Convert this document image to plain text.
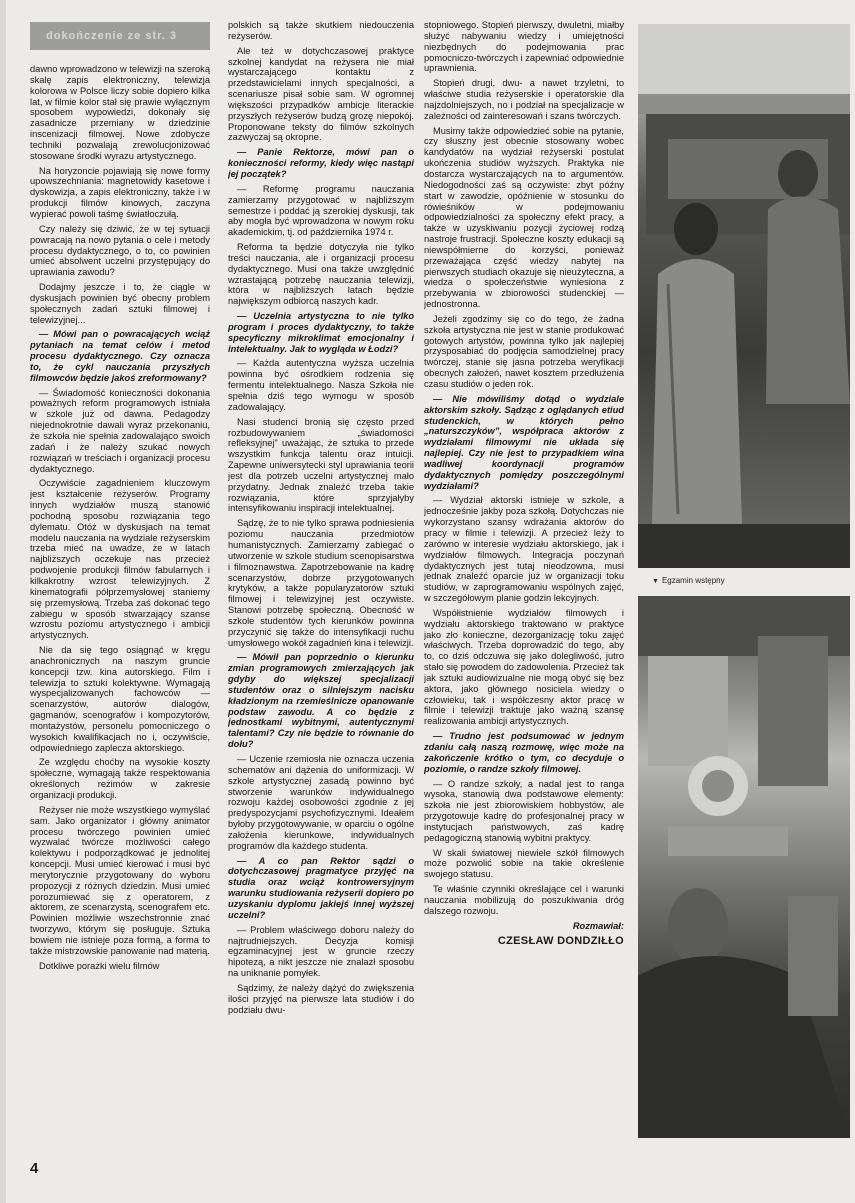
dokończenie ze str. 3

dawno wprowadzono w telewizji na szeroką skalę zapis elektroniczny, telewizja kolorowa w Polsce liczy sobie dopiero kilka lat, w filmie kolor stał się prawie wyłącznym sposobem wypowiedzi, dokonały się zasadnicze przemiany w dziedzinie inscenizacji filmowej. Nowe zdobycze techniki pozwalają zrewolucjonizować stosowane środki wyrazu artystycznego.

Na horyzoncie pojawiają się nowe formy upowszechniania: magnetowidy kasetowe i dyskowizja, a zapis elektroniczny, także i w produkcji filmów kinowych, zaczyna wypierać powoli taśmę światłoczułą.

Czy należy się dziwić, że w tej sytuacji powracają na nowo pytania o cele i metody procesu dydaktycznego, o to, co powinien umieć absolwent uczelni przystępujący do uprawiania zawodu?

Dodajmy jeszcze i to, że ciągle w dyskusjach powinien być obecny problem społecznych zadań sztuki filmowej i telewizyjnej...

— Mówi pan o powracających wciąż pytaniach na temat celów i metod procesu dydaktycznego. Czy oznacza to, że cykl nauczania przyszłych filmowców będzie jakoś zreformowany?

— Świadomość konieczności dokonania poważnych reform programowych istniała w szkole już od dawna. Pedagodzy niejednokrotnie dawali wyraz przekonaniu, że szkoła nie spełnia zadowalająco swoich zadań i że należy szukać nowych rozwiązań w treściach i organizacji procesu dydaktycznego.

Oczywiście zagadnieniem kluczowym jest kształcenie reżyserów. Programy innych wydziałów muszą stanowić pochodną sposobu rozwiązania tego dylematu. Otóż w dyskusjach na temat modelu nauczania na wydziale reżyserskim trzeba mieć na uwadze, że w latach najbliższych oczekuje nas przecież podwojenie produkcji filmów fabularnych i kilkakrotny wzrost telewizyjnych. Z kinematografii półprzemysłowej staniemy się przemysłową. Trzeba zaś dokonać tego zabiegu w sposób stwarzający szanse wzrostu poziomu artystycznego i ambicji artystycznych.

Nie da się tego osiągnąć w kręgu anachronicznych na naszym gruncie koncepcji tzw. kina autorskiego. Film i telewizja to sztuki kolektywne. Wymagają wyspecjalizowanych fachowców — scenarzystów, autorów dialogów, gagmanów, scenografów i kompozytorów, montażystów, personelu pomocniczego o wysokich kwalifikacjach no i, oczywiście, odpowiedniego zaplecza aktorskiego.

Ze względu choćby na wysokie koszty społeczne, wymagają także respektowania określonych reżimów w zakresie organizacji produkcji.

Reżyser nie może wszystkiego wymyślać sam. Jako organizator i główny animator procesu twórczego powinien umieć wyzwalać twórcze możliwości całego kolektywu i podporządkować je jednolitej koncepcji. Musi umieć kierować i musi być merytorycznie przygotowany do wyboru propozycji z różnych dziedzin. Musi umieć porozumiewać się z operatorem, z aktorem, ze scenarzystą, scenografem etc. Powinien możliwie wszechstronnie znać tworzywo, którym się posługuje. Sztuka bowiem nie istnieje poza formą, a forma to także mistrzowskie panowanie nad materią.

Dotkliwe porażki wielu filmów

polskich są także skutkiem niedouczenia reżyserów.

Ale też w dotychczasowej praktyce szkolnej kandydat na reżysera nie miał wystarczającego kontaktu z przedstawicielami innych specjalności, a scenariusze pisał sobie sam. W ogromnej większości przypadków ambicje literackie przyszłych reżyserów budzą grozę niepokój. Proponowane teksty do filmów szkolnych zazwyczaj są okropne.

— Panie Rektorze, mówi pan o konieczności reformy, kiedy więc nastąpi jej początek?

— Reformę programu nauczania zamierzamy przygotować w najbliższym semestrze i poddać ją szerokiej dyskusji, tak aby mogła być wprowadzona w nowym roku akademickim, tj. od października 1974 r.

Reforma ta będzie dotyczyła nie tylko treści nauczania, ale i organizacji procesu dydaktycznego. Musi ona także uwzględnić wzrastającą potrzebę nauczania telewizji, która w najbliższych latach będzie największym odbiorcą naszych kadr.

— Uczelnia artystyczna to nie tylko program i proces dydaktyczny, to także specyficzny mikroklimat emocjonalny i intelektualny. Jak to wygląda w Łodzi?

— Każda autentyczna wyższa uczelnia powinna być ośrodkiem rodzenia się fermentu intelektualnego. Nasza Szkoła nie spełnia dziś tego wymogu w sposób zadowalający.

Nasi studenci bronią się często przed rozbudowywaniem „świadomości refleksyjnej” uważając, że sztuka to przede wszystkim funkcja talentu oraz intuicji. Zapewne uniwersytecki styl uprawiania teorii jest dla potrzeb uczelni artystycznej mało przydatny. Jednak znaleźć trzeba takie rozwiązania, które sprzyjałyby intensyfikowaniu inspiracji intelektualnej.

Sądzę, że to nie tylko sprawa podniesienia poziomu nauczania przedmiotów humanistycznych. Zamierzamy zabiegać o utworzenie w szkole studium scenopisarstwa i filmoznawstwa. Zapotrzebowanie na kadrę scenarzystów, dobrze przygotowanych krytyków, a także popularyzatorów sztuki filmowej i telewizyjnej jest oczywiste. Stanowi potrzebę społeczną. Obecność w szkole studentów tych kierunków powinna przyczynić się także do intensyfikacji ruchu umysłowego wokół zagadnień kina i telewizji.

— Mówił pan poprzednio o kierunku zmian programowych zmierzających jak gdyby do większej specjalizacji studentów oraz o silniejszym nacisku kładzionym na rzemieślnicze opanowanie podstaw zawodu. A co będzie z jednostkami wybitnymi, autentycznymi talentami? Czy nie będzie to równanie do dołu?

— Uczenie rzemiosła nie oznacza uczenia schematów ani dążenia do uniformizacji. W szkole artystycznej zasadą powinno być stworzenie warunków indywidualnego rozwoju każdej osobowości zgodnie z jej predyspozycjami psychofizycznymi. Ideałem byłoby przygotowywanie, w oparciu o ogólne założenia kierunkowe, indywidualnych programów dla każdego studenta.

— A co pan Rektor sądzi o dotychczasowej pragmatyce przyjęć na studia oraz wciąż kontrowersyjnym warunku studiowania reżyserii dopiero po uzyskaniu dyplomu jakiejś innej wyższej uczelni?

— Problem właściwego doboru należy do najtrudniejszych. Decyzja komisji egzaminacyjnej jest w gruncie rzeczy hipotezą, a nikt jeszcze nie znalazł sposobu na uniknanie pomyłek.

Sądzimy, że należy dążyć do zwiększenia ilości przyjęć na pierwsze lata studiów i do podziału dwu-

stopniowego. Stopień pierwszy, dwuletni, miałby służyć nabywaniu wiedzy i umiejętności niezbędnych do podejmowania prac pomocniczo-twórczych i zapewniać odpowiednie uprawnienia.

Stopień drugi, dwu- a nawet trzyletni, to właściwe studia reżyserskie i operatorskie dla najzdolniejszych, no i podział na specjalizacje w zależności od zainteresowań i szans twórczych.

Musimy także odpowiedzieć sobie na pytanie, czy słuszny jest obecnie stosowany wobec kandydatów na wydział reżyserski postulat ukończenia studiów wyższych. Praktyka nie dostarcza wystarczających na to argumentów. Niedogodności zaś są oczywiste: zbyt późny start w zawodzie, opóźnienie w stosunku do rówieśników w podejmowaniu odpowiedzialności za społeczny efekt pracy, a także w uzyskiwaniu pozycji życiowej rodzą nastroje frustracji. Społeczne koszty edukacji są niewspółmierne do korzyści, ponieważ przeważająca część wiedzy nabytej na pierwszych studiach okazuje się nieużyteczna, a wiedza o społeczeństwie wyniesiona z przebywania w zbiorowości studenckiej — jednostronna.

Jeżeli zgodzimy się co do tego, że żadna szkoła artystyczna nie jest w stanie produkować gotowych artystów, powinna tylko jak najlepiej przysposabiać do podjęcia samodzielnej pracy twórczej, stanie się jasna potrzeba weryfikacji obecnych założeń, nawet kosztem przedłużenia czasu studiów o jeden rok.

— Nie mówiliśmy dotąd o wydziale aktorskim szkoły. Sądząc z oglądanych etiud studenckich, w których pełno „naturszczyków”, współpraca aktorów z wydziałami filmowymi nie układa się najlepiej. Czy nie jest to przypadkiem wina wadliwej koordynacji programów dydaktycznych pomiędzy poszczególnymi wydziałami?

— Wydział aktorski istnieje w szkole, a jednocześnie jakby poza szkołą. Dotychczas nie wykorzystano szansy wdrażania aktorów do pracy w filmie i telewizji. A przecież leży to zarówno w interesie wydziału aktorskiego, jak i wydziałów filmowych. Integracja poczynań dydaktycznych jest tutaj nieodzowna, musi jednak znaleźć oparcie już w organizacji toku studiów, w zaprogramowaniu wspólnych zajęć, w szczegółowym planie godzin lekcyjnych.

Współistnienie wydziałów filmowych i wydziału aktorskiego traktowano w praktyce jako zło konieczne, dezorganizację toku zajęć właściwych. Trzeba doprowadzić do tego, aby to, co dziś odczuwa się jako dolegliwość, jutro stało się powodem do zadowolenia. Przecież tak jak sztuki audiowizualne nie mogą obyć się bez aktora, jako głównego nosiciela wiedzy o człowieku, tak i współczesny aktor pracę w filmie i telewizji traktuje jako ważną szansę realizowania ambicji artystycznych.

— Trudno jest podsumować w jednym zdaniu całą naszą rozmowę, więc może na zakończenie krótko o tym, co decyduje o poziomie, o randze szkoły filmowej.

— O randze szkoły, a nadal jest to ranga wysoka, stanowią dwa podstawowe elementy: szkoła nie jest zbiorowiskiem hobbystów, ale przygotowuje kadrę do profesjonalnej pracy w instytucjach państwowych, zaś kadrę pedagogiczną stanowią wybitni praktycy.

W skali światowej niewiele szkół filmowych może pozwolić sobie na takie określenie swojego statusu.

Te właśnie czynniki określające cel i warunki nauczania mobilizują do poszukiwania dróg dalszego rozwoju.

Rozmawiał:

CZESŁAW DONDZIŁŁO

▼ Egzamin wstępny
4
